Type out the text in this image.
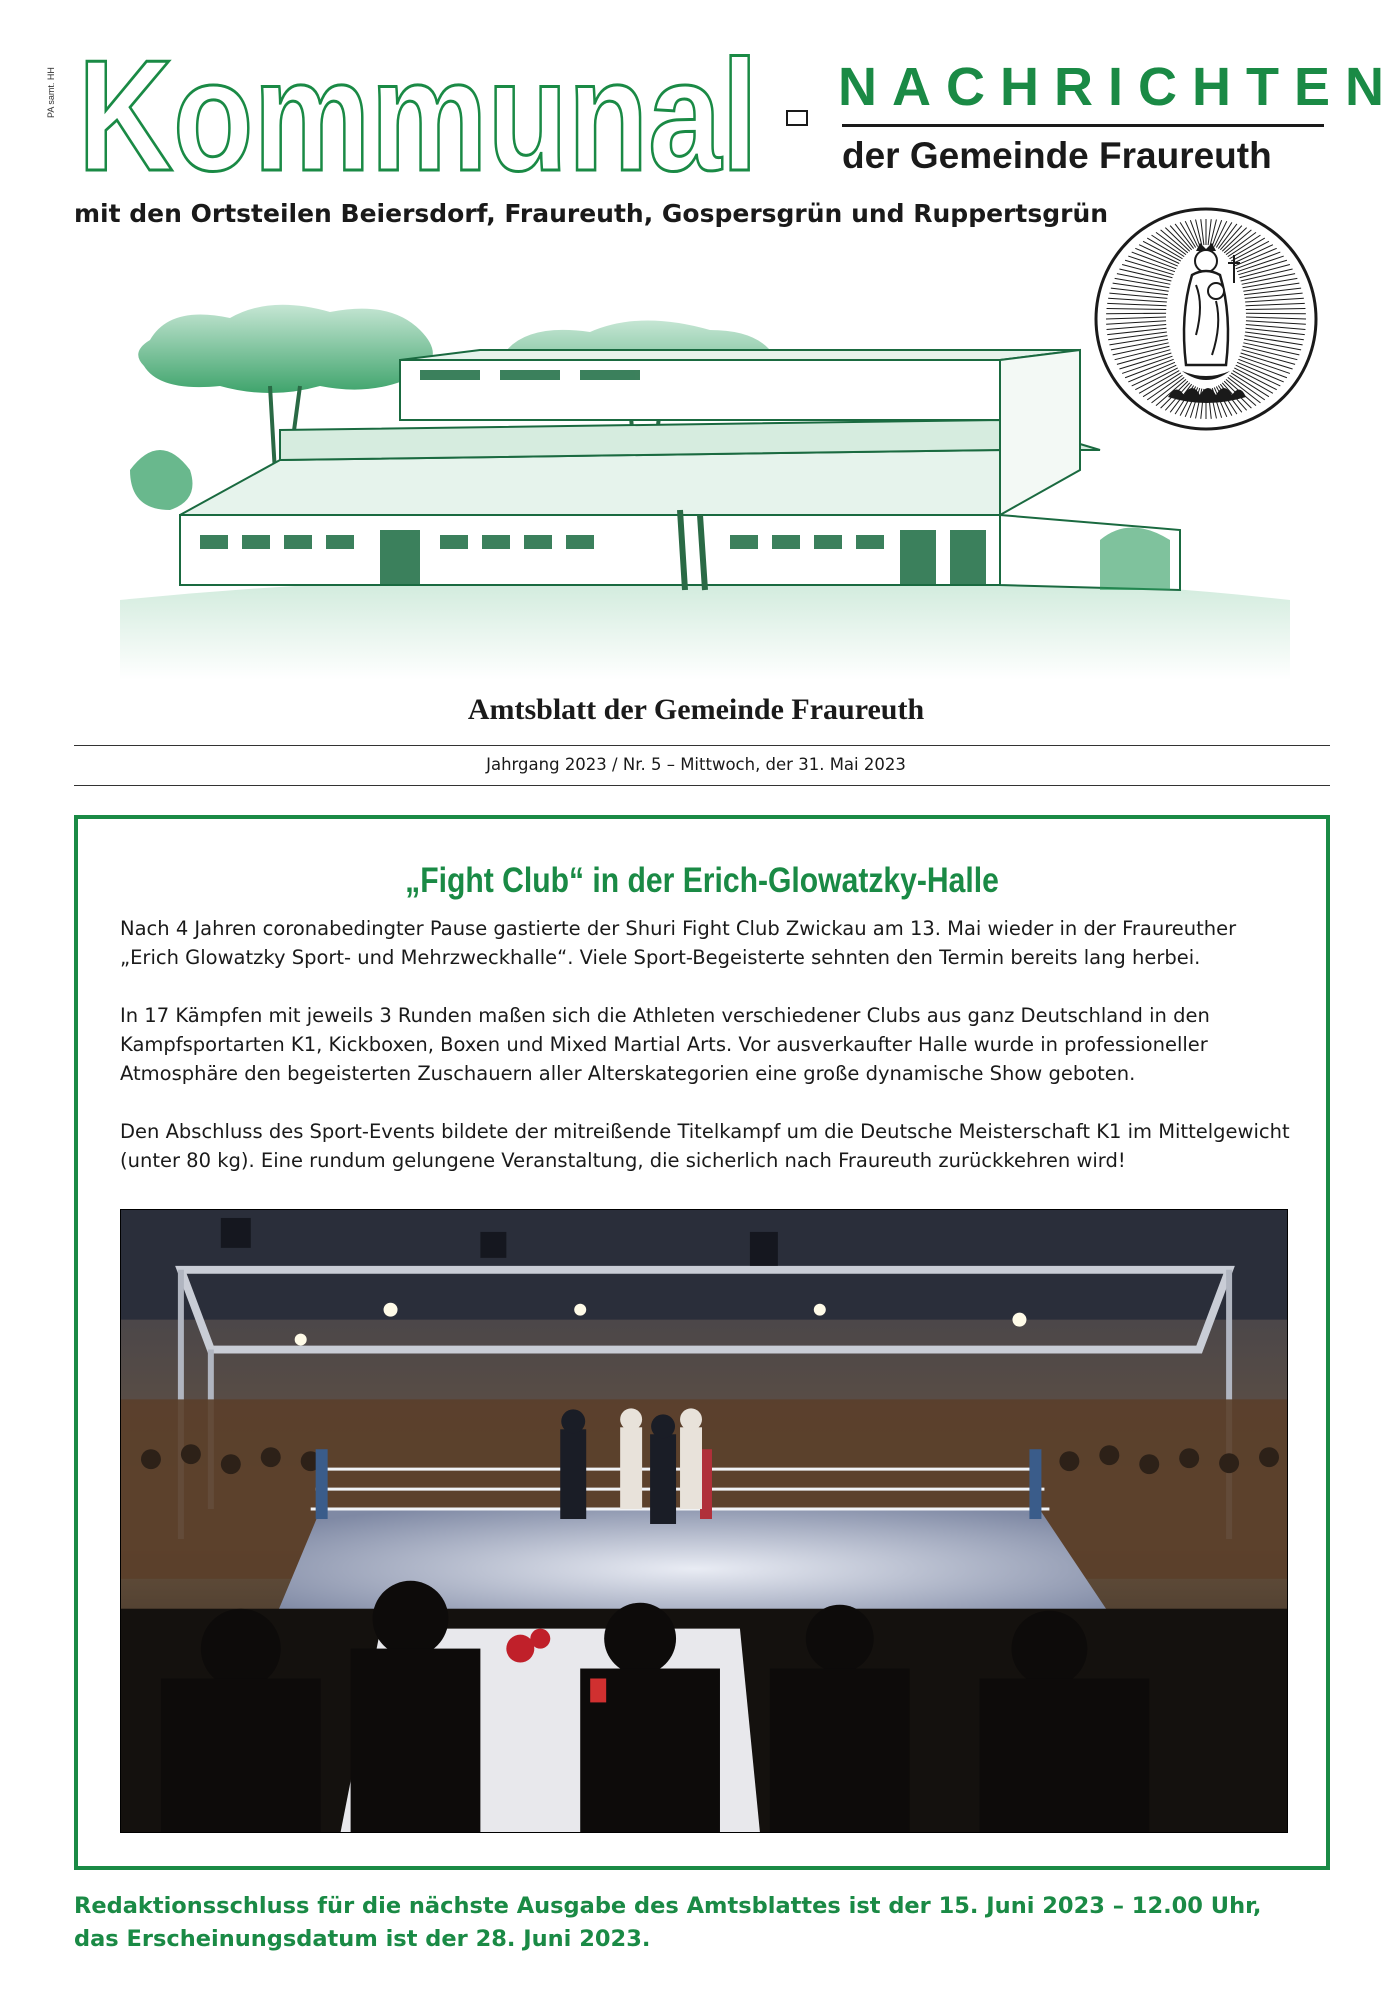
PA samt. HH Kommunal NACHRICHTEN
der Gemeinde Fraureuth
mit den Ortsteilen Beiersdorf, Fraureuth, Gospersgrün und Ruppertsgrün
Amtsblatt der Gemeinde Fraureuth
Jahrgang 2023 / Nr. 5 – Mittwoch, der 31. Mai 2023
„Fight Club“ in der Erich-Glowatzky-Halle

Nach 4 Jahren coronabedingter Pause gastierte der Shuri Fight Club Zwickau am 13. Mai wieder in der Fraureuther „Erich Glowatzky Sport- und Mehrzweckhalle“. Viele Sport-Begeisterte sehnten den Termin bereits lang herbei.

In 17 Kämpfen mit jeweils 3 Runden maßen sich die Athleten verschiedener Clubs aus ganz Deutschland in den Kampfsportarten K1, Kickboxen, Boxen und Mixed Martial Arts. Vor ausverkaufter Halle wurde in professioneller Atmosphäre den begeisterten Zuschauern aller Alterskategorien eine große dynamische Show geboten.

Den Abschluss des Sport-Events bildete der mitreißende Titelkampf um die Deutsche Meisterschaft K1 im Mittelgewicht (unter 80 kg). Eine rundum gelungene Veranstaltung, die sicherlich nach Fraureuth zurückkehren wird!

Redaktionsschluss für die nächste Ausgabe des Amtsblattes ist der 15. Juni 2023 – 12.00 Uhr,
das Erscheinungsdatum ist der 28. Juni 2023.
